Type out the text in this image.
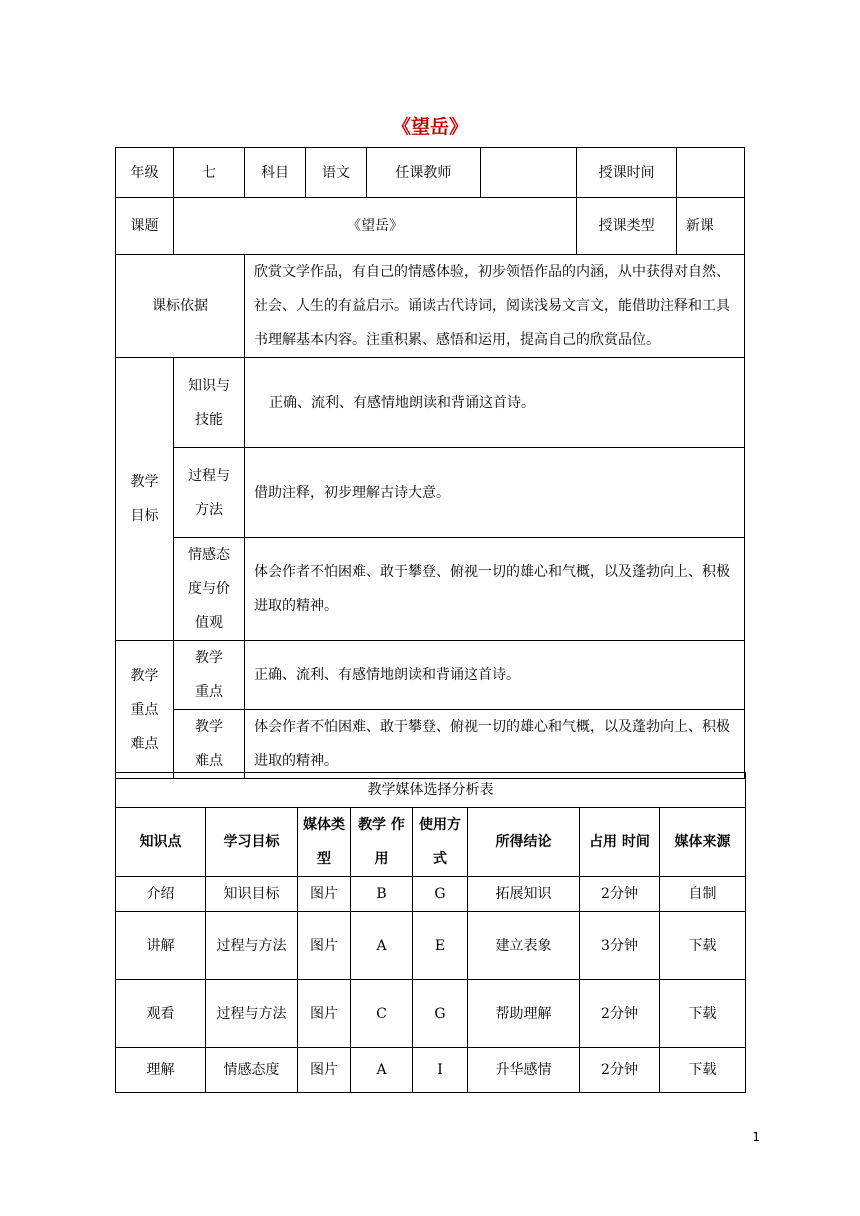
《望岳》
年级	七	科目	语文	任课教师		授课时间	
课题	《望岳》					授课类型	新课
课标依据		欣赏文学作品，有自己的情感体验，初步领悟作品的内涵，从中获得对自然、社会、人生的有益启示。诵读古代诗词，阅读浅易文言文，能借助注释和工具书理解基本内容。注重积累、感悟和运用，提高自己的欣赏品位。					

教学目标	知识与技能	正确、流利、有感情地朗读和背诵这首诗。					

	过程与方法	借助注释，初步理解古诗大意。					

	情感态度与价值观	体会作者不怕困难、敢于攀登、俯视一切的雄心和气概，以及蓬勃向上、积极进取的精神。					

教学重点难点	教学重点	正确、流利、有感情地朗读和背诵这首诗。					

	教学难点	体会作者不怕困难、敢于攀登、俯视一切的雄心和气概，以及蓬勃向上、积极进取的精神。					
教学媒体选择分析表							
知识点	学习目标	媒体类型	教学 作用	使用方式	所得结论	占用 时间	媒体来源
介绍	知识目标	图片	B	G	拓展知识	2分钟	自制
讲解	过程与方法	图片	A	E	建立表象	3分钟	下载
观看	过程与方法	图片	C	G	帮助理解	2分钟	下载
理解	情感态度	图片	A	I	升华感情	2分钟	下载
1
